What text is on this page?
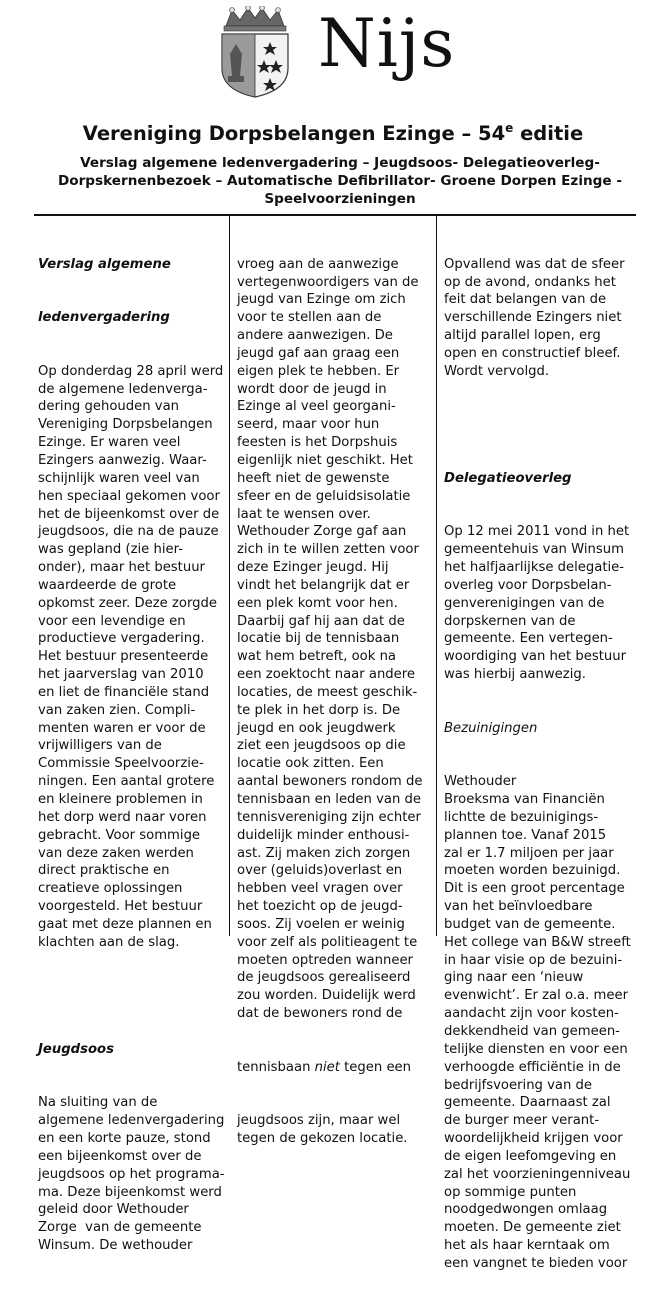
Nijs
Vereniging Dorpsbelangen Ezinge – 54e editie
Verslag algemene ledenvergadering – Jeugdsoos- Delegatieoverleg-
Dorpskernenbezoek – Automatische Defibrillator- Groene Dorpen Ezinge -
Speelvoorzieningen

Verslag algemene

ledenvergadering

Op donderdag 28 april werd
de algemene ledenverga-
dering gehouden van
Vereniging Dorpsbelangen
Ezinge. Er waren veel
Ezingers aanwezig. Waar-
schijnlijk waren veel van
hen speciaal gekomen voor
het de bijeenkomst over de
jeugdsoos, die na de pauze
was gepland (zie hier-
onder), maar het bestuur
waardeerde de grote
opkomst zeer. Deze zorgde
voor een levendige en
productieve vergadering.
Het bestuur presenteerde
het jaarverslag van 2010
en liet de financiële stand
van zaken zien. Compli-
menten waren er voor de
vrijwilligers van de
Commissie Speelvoorzie-
ningen. Een aantal grotere
en kleinere problemen in
het dorp werd naar voren
gebracht. Voor sommige
van deze zaken werden
direct praktische en
creatieve oplossingen
voorgesteld. Het bestuur
gaat met deze plannen en
klachten aan de slag.

Jeugdsoos

Na sluiting van de
algemene ledenvergadering
en een korte pauze, stond
een bijeenkomst over de
jeugdsoos op het programa-
ma. Deze bijeenkomst werd
geleid door Wethouder
Zorge  van de gemeente
Winsum. De wethouder

vroeg aan de aanwezige
vertegenwoordigers van de
jeugd van Ezinge om zich
voor te stellen aan de
andere aanwezigen. De
jeugd gaf aan graag een
eigen plek te hebben. Er
wordt door de jeugd in
Ezinge al veel georgani-
seerd, maar voor hun
feesten is het Dorpshuis
eigenlijk niet geschikt. Het
heeft niet de gewenste
sfeer en de geluidsisolatie
laat te wensen over.
Wethouder Zorge gaf aan
zich in te willen zetten voor
deze Ezinger jeugd. Hij
vindt het belangrijk dat er
een plek komt voor hen.
Daarbij gaf hij aan dat de
locatie bij de tennisbaan
wat hem betreft, ook na
een zoektocht naar andere
locaties, de meest geschik-
te plek in het dorp is. De
jeugd en ook jeugdwerk
ziet een jeugdsoos op die
locatie ook zitten. Een
aantal bewoners rondom de
tennisbaan en leden van de
tennisvereniging zijn echter
duidelijk minder enthousi-
ast. Zij maken zich zorgen
over (geluids)overlast en
hebben veel vragen over
het toezicht op de jeugd-
soos. Zij voelen er weinig
voor zelf als politieagent te
moeten optreden wanneer
de jeugdsoos gerealiseerd
zou worden. Duidelijk werd
dat de bewoners rond de

tennisbaan niet tegen een

jeugdsoos zijn, maar wel
tegen de gekozen locatie.

Opvallend was dat de sfeer
op de avond, ondanks het
feit dat belangen van de
verschillende Ezingers niet
altijd parallel lopen, erg
open en constructief bleef.
Wordt vervolgd.

Delegatieoverleg

Op 12 mei 2011 vond in het
gemeentehuis van Winsum
het halfjaarlijkse delegatie-
overleg voor Dorpsbelan-
genverenigingen van de
dorpskernen van de
gemeente. Een vertegen-
woordiging van het bestuur
was hierbij aanwezig.

Bezuinigingen

Wethouder
Broeksma van Financiën
lichtte de bezuinigings-
plannen toe. Vanaf 2015
zal er 1.7 miljoen per jaar
moeten worden bezuinigd.
Dit is een groot percentage
van het beïnvloedbare
budget van de gemeente.
Het college van B&W streeft
in haar visie op de bezuini-
ging naar een ‘nieuw
evenwicht’. Er zal o.a. meer
aandacht zijn voor kosten-
dekkendheid van gemeen-
telijke diensten en voor een
verhoogde efficiëntie in de
bedrijfsvoering van de
gemeente. Daarnaast zal
de burger meer verant-
woordelijkheid krijgen voor
de eigen leefomgeving en
zal het voorzieningenniveau
op sommige punten
noodgedwongen omlaag
moeten. De gemeente ziet
het als haar kerntaak om
een vangnet te bieden voor
